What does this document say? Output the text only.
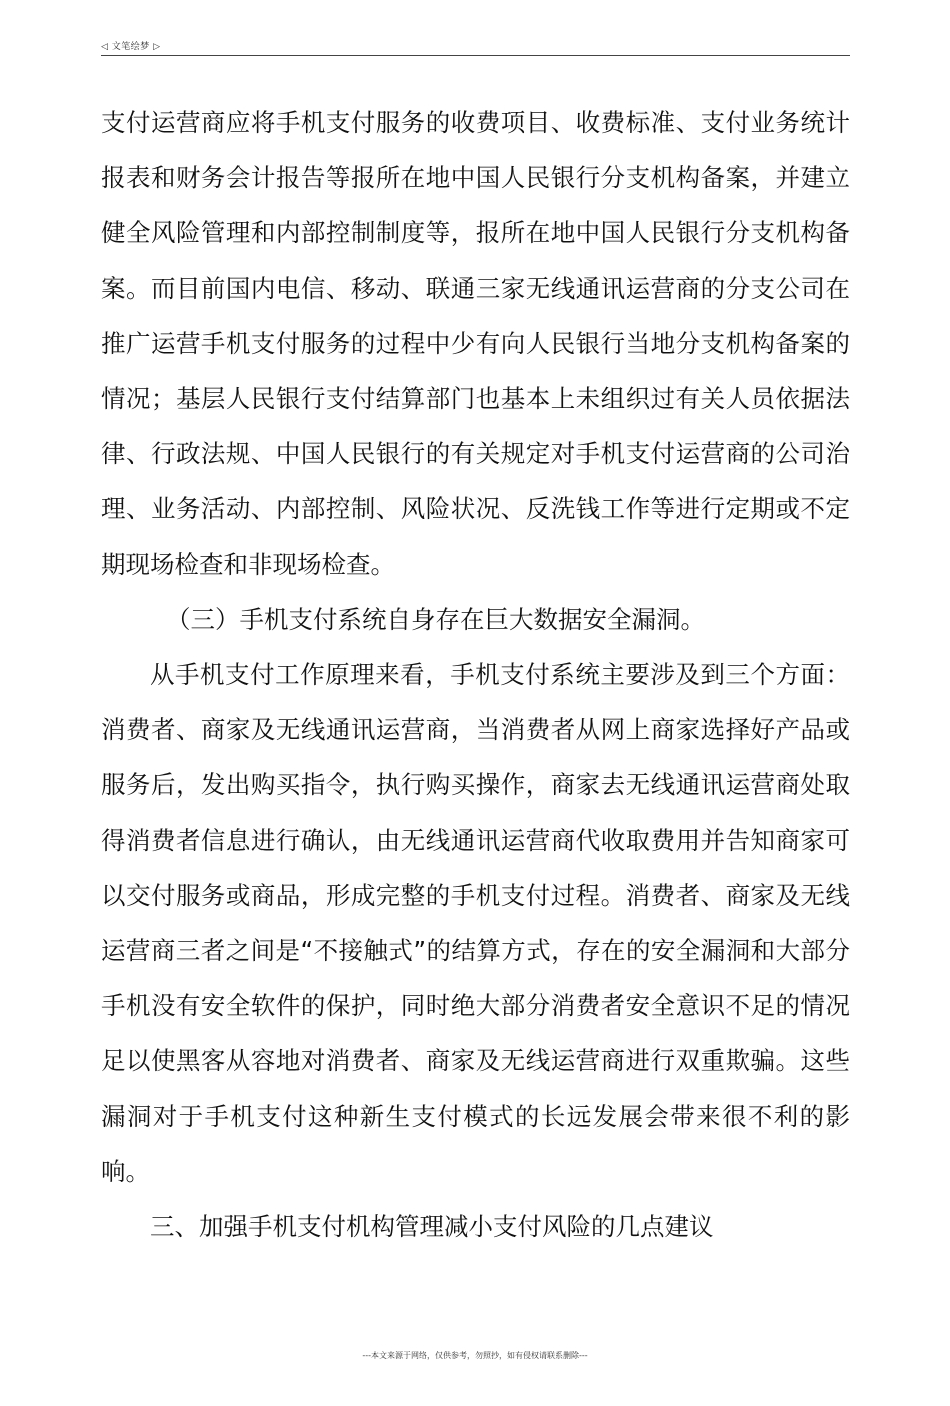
◁ 文笔绘梦 ▷

支付运营商应将手机支付服务的收费项目、收费标准、支付业务统计报表和财务会计报告等报所在地中国人民银行分支机构备案，并建立健全风险管理和内部控制制度等，报所在地中国人民银行分支机构备案。而目前国内电信、移动、联通三家无线通讯运营商的分支公司在推广运营手机支付服务的过程中少有向人民银行当地分支机构备案的情况；基层人民银行支付结算部门也基本上未组织过有关人员依据法律、行政法规、中国人民银行的有关规定对手机支付运营商的公司治理、业务活动、内部控制、风险状况、反洗钱工作等进行定期或不定期现场检查和非现场检查。

（三）手机支付系统自身存在巨大数据安全漏洞。

从手机支付工作原理来看，手机支付系统主要涉及到三个方面：消费者、商家及无线通讯运营商，当消费者从网上商家选择好产品或服务后，发出购买指令，执行购买操作，商家去无线通讯运营商处取得消费者信息进行确认，由无线通讯运营商代收取费用并告知商家可以交付服务或商品，形成完整的手机支付过程。消费者、商家及无线运营商三者之间是“不接触式”的结算方式，存在的安全漏洞和大部分手机没有安全软件的保护，同时绝大部分消费者安全意识不足的情况足以使黑客从容地对消费者、商家及无线运营商进行双重欺骗。这些漏洞对于手机支付这种新生支付模式的长远发展会带来很不利的影响。

三、加强手机支付机构管理减小支付风险的几点建议

---本文来源于网络，仅供参考，勿照抄，如有侵权请联系删除---
